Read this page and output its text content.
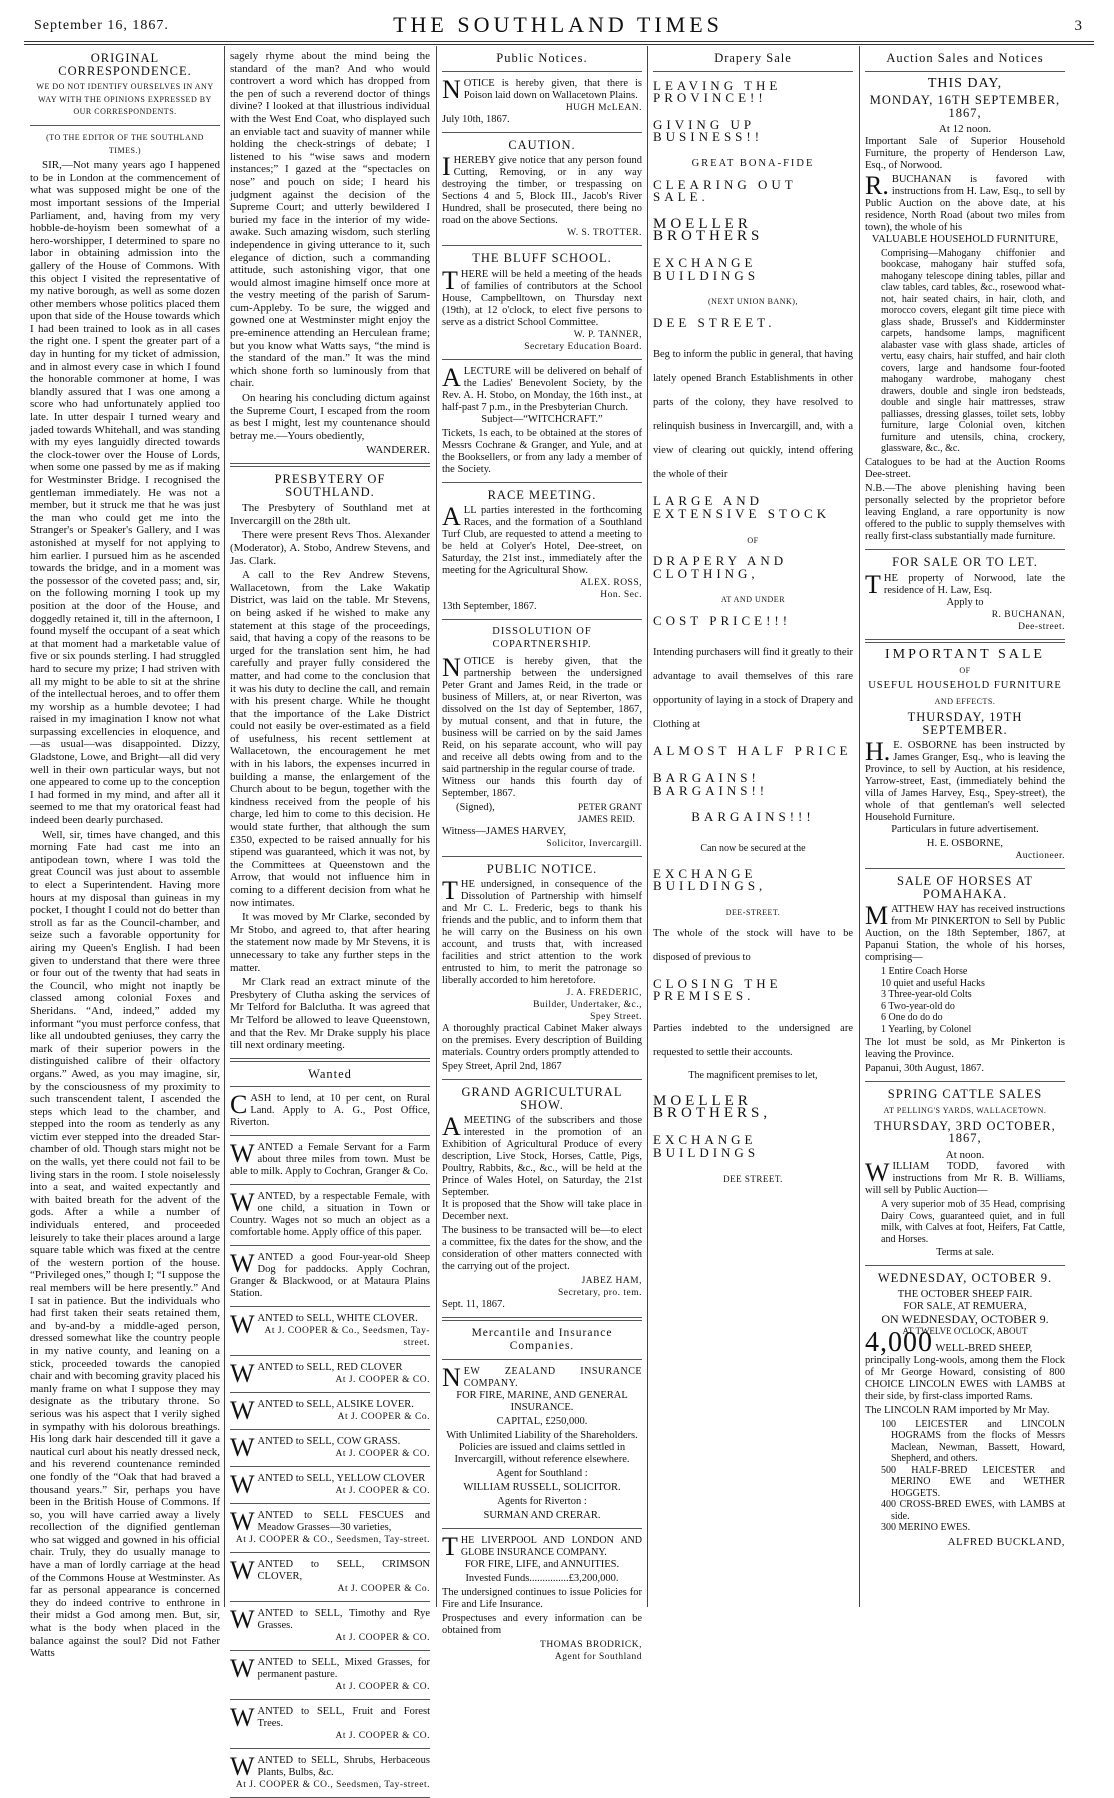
September 16, 1867.	THE SOUTHLAND TIMES	3
ORIGINAL CORRESPONDENCE.
WE DO NOT IDENTIFY OURSELVES IN ANY WAY WITH THE OPINIONS EXPRESSED BY OUR CORRESPONDENTS.
(TO THE EDITOR OF THE SOUTHLAND TIMES.)

SIR,—Not many years ago I happened to be in London at the commencement of what was supposed might be one of the most important sessions of the Imperial Parliament, and, having from my very hobble-de-hoyism been somewhat of a hero-worshipper, I determined to spare no labor in obtaining admission into the gallery of the House of Commons. With this object I visited the representative of my native borough, as well as some dozen other members whose politics placed them upon that side of the House towards which I had been trained to look as in all cases the right one. I spent the greater part of a day in hunting for my ticket of admission, and in almost every case in which I found the honorable commoner at home, I was blandly assured that I was one among a score who had unfortunately applied too late. In utter despair I turned weary and jaded towards Whitehall, and was standing with my eyes languidly directed towards the clock-tower over the House of Lords, when some one passed by me as if making for Westminster Bridge. I recognised the gentleman immediately. He was not a member, but it struck me that he was just the man who could get me into the Stranger's or Speaker's Gallery, and I was astonished at myself for not applying to him earlier. I pursued him as he ascended towards the bridge, and in a moment was the possessor of the coveted pass; and, sir, on the following morning I took up my position at the door of the House, and doggedly retained it, till in the afternoon, I found myself the occupant of a seat which at that moment had a marketable value of five or six pounds sterling. I had struggled hard to secure my prize; I had striven with all my might to be able to sit at the shrine of the intellectual heroes, and to offer them my worship as a humble devotee; I had raised in my imagination I know not what surpassing excellencies in eloquence, and—as usual—was disappointed. Dizzy, Gladstone, Lowe, and Bright—all did very well in their own particular ways, but not one appeared to come up to the conception I had formed in my mind, and after all it seemed to me that my oratorical feast had indeed been dearly purchased.

Well, sir, times have changed, and this morning Fate had cast me into an antipodean town, where I was told the great Council was just about to assemble to elect a Superintendent. Having more hours at my disposal than guineas in my pocket, I thought I could not do better than stroll as far as the Council-chamber, and seize such a favorable opportunity for airing my Queen's English. I had been given to understand that there were three or four out of the twenty that had seats in the Council, who might not inaptly be classed among colonial Foxes and Sheridans. “And, indeed,” added my informant “you must perforce confess, that like all undoubted geniuses, they carry the mark of their superior powers in the distinguished calibre of their olfactory organs.” Awed, as you may imagine, sir, by the consciousness of my proximity to such transcendent talent, I ascended the steps which lead to the chamber, and stepped into the room as tenderly as any victim ever stepped into the dreaded Star-chamber of old. Though stars might not be on the walls, yet there could not fail to be living stars in the room. I stole noiselessly into a seat, and waited expectantly and with baited breath for the advent of the gods. After a while a number of individuals entered, and proceeded leisurely to take their places around a large square table which was fixed at the centre of the western portion of the house. “Privileged ones,” though I; “I suppose the real members will be here presently.” And I sat in patience. But the individuals who had first taken their seats retained them, and by-and-by a middle-aged person, dressed somewhat like the country people in my native county, and leaning on a stick, proceeded towards the canopied chair and with becoming gravity placed his manly frame on what I suppose they may designate as the tributary throne. So serious was his aspect that I verily sighed in sympathy with his dolorous breathings. His long dark hair descended till it gave a nautical curl about his neatly dressed neck, and his reverend countenance reminded one fondly of the “Oak that had braved a thousand years.” Sir, perhaps you have been in the British House of Commons. If so, you will have carried away a lively recollection of the dignified gentleman who sat wigged and gowned in his official chair. Truly, they do usually manage to have a man of lordly carriage at the head of the Commons House at Westminster. As far as personal appearance is concerned they do indeed contrive to enthrone in their midst a God among men. But, sir, what is the body when placed in the balance against the soul? Did not Father Watts

sagely rhyme about the mind being the standard of the man? And who would controvert a word which has dropped from the pen of such a reverend doctor of things divine? I looked at that illustrious individual with the West End Coat, who displayed such an enviable tact and suavity of manner while holding the check-strings of debate; I listened to his “wise saws and modern instances;” I gazed at the “spectacles on nose” and pouch on side; I heard his judgment against the decision of the Supreme Court; and utterly bewildered I buried my face in the interior of my wide-awake. Such amazing wisdom, such sterling independence in giving utterance to it, such elegance of diction, such a commanding attitude, such astonishing vigor, that one would almost imagine himself once more at the vestry meeting of the parish of Sarum-cum-Appleby. To be sure, the wigged and gowned one at Westminster might enjoy the pre-eminence attending an Herculean frame; but you know what Watts says, “the mind is the standard of the man.” It was the mind which shone forth so luminously from that chair.

On hearing his concluding dictum against the Supreme Court, I escaped from the room as best I might, lest my countenance should betray me.—Yours obediently,

WANDERER.
PRESBYTERY OF SOUTHLAND.

The Presbytery of Southland met at Invercargill on the 28th ult.

There were present Revs Thos. Alexander (Moderator), A. Stobo, Andrew Stevens, and Jas. Clark.

A call to the Rev Andrew Stevens, Wallacetown, from the Lake Wakatip District, was laid on the table. Mr Stevens, on being asked if he wished to make any statement at this stage of the proceedings, said, that having a copy of the reasons to be urged for the translation sent him, he had carefully and prayer fully considered the matter, and had come to the conclusion that it was his duty to decline the call, and remain with his present charge. While he thought that the importance of the Lake District could not easily be over-estimated as a field of usefulness, his recent settlement at Wallacetown, the encouragement he met with in his labors, the expenses incurred in building a manse, the enlargement of the Church about to be begun, together with the kindness received from the people of his charge, led him to come to this decision. He would state further, that although the sum £350, expected to be raised annually for his stipend was guaranteed, which it was not, by the Committees at Queenstown and the Arrow, that would not influence him in coming to a different decision from what he now intimates.

It was moved by Mr Clarke, seconded by Mr Stobo, and agreed to, that after hearing the statement now made by Mr Stevens, it is unnecessary to take any further steps in the matter.

Mr Clark read an extract minute of the Presbytery of Clutha asking the services of Mr Telford for Balclutha. It was agreed that Mr Telford be allowed to leave Queenstown, and that the Rev. Mr Drake supply his place till next ordinary meeting.

Wanted
CASH to lend, at 10 per cent, on Rural Land. Apply to A. G., Post Office, Riverton.
WANTED a Female Servant for a Farm about three miles from town. Must be able to milk. Apply to Cochran, Granger & Co.
WANTED, by a respectable Female, with one child, a situation in Town or Country. Wages not so much an object as a comfortable home. Apply office of this paper.
WANTED a good Four-year-old Sheep Dog for paddocks. Apply Cochran, Granger & Blackwood, or at Mataura Plains Station.
WANTED to SELL, WHITE CLOVER.
At J. COOPER & Co., Seedsmen, Tay-street.
WANTED to SELL, RED CLOVER
At J. COOPER & CO.
WANTED to SELL, ALSIKE LOVER.
At J. COOPER & Co.
WANTED to SELL, COW GRASS.
At J. COOPER & CO.
WANTED to SELL, YELLOW CLOVER
At J. COOPER & CO.
WANTED to SELL FESCUES and Meadow Grasses—30 varieties,
At J. COOPER & CO., Seedsmen, Tay-street.
WANTED to SELL, CRIMSON CLOVER,
At J. COOPER & Co.
WANTED to SELL, Timothy and Rye Grasses.
At J. COOPER & CO.
WANTED to SELL, Mixed Grasses, for permanent pasture.
At J. COOPER & CO.
WANTED to SELL, Fruit and Forest Trees.
At J. COOPER & CO.
WANTED to SELL, Shrubs, Herbaceous Plants, Bulbs, &c.
At J. COOPER & CO., Seedsmen, Tay-street.
Public Notices.
NOTICE is hereby given, that there is Poison laid down on Wallacetown Plains.
HUGH McLEAN.
July 10th, 1867.
CAUTION.
IHEREBY give notice that any person found Cutting, Removing, or in any way destroying the timber, or trespassing on Sections 4 and 5, Block III., Jacob's River Hundred, shall be prosecuted, there being no road on the above Sections.
W. S. TROTTER.
THE BLUFF SCHOOL.
THERE will be held a meeting of the heads of families of contributors at the School House, Campbelltown, on Thursday next (19th), at 12 o'clock, to elect five persons to serve as a district School Committee.
W. P. TANNER,
Secretary Education Board.
ALECTURE will be delivered on behalf of the Ladies' Benevolent Society, by the Rev. A. H. Stobo, on Monday, the 16th inst., at half-past 7 p.m., in the Presbyterian Church.

Subject—“WITCHCRAFT.”

Tickets, 1s each, to be obtained at the stores of Messrs Cochrane & Granger, and Yule, and at the Booksellers, or from any lady a member of the Society.

RACE MEETING.
ALL parties interested in the forthcoming Races, and the formation of a Southland Turf Club, are requested to attend a meeting to be held at Colyer's Hotel, Dee-street, on Saturday, the 21st inst., immediately after the meeting for the Agricultural Show.
ALEX. ROSS,
Hon. Sec.
13th September, 1867.
DISSOLUTION OF COPARTNERSHIP.
NOTICE is hereby given, that the partnership between the undersigned Peter Grant and James Reid, in the trade or business of Millers, at, or near Riverton, was dissolved on the 1st day of September, 1867, by mutual consent, and that in future, the business will be carried on by the said James Reid, on his separate account, who will pay and receive all debts owing from and to the said partnership in the regular course of trade.

Witness our hands this fourth day of September, 1867.

(Signed),	PETER GRANT
JAMES REID.
Witness—JAMES HARVEY,
Solicitor, Invercargill.
PUBLIC NOTICE.
THE undersigned, in consequence of the Dissolution of Partnership with himself and Mr C. L. Frederic, begs to thank his friends and the public, and to inform them that he will carry on the Business on his own account, and trusts that, with increased facilities and strict attention to the work entrusted to him, to merit the patronage so liberally accorded to him heretofore.
J. A. FREDERIC,
Builder, Undertaker, &c.,
Spey Street.

A thoroughly practical Cabinet Maker always on the premises. Every description of Building materials. Country orders promptly attended to

Spey Street, April 2nd, 1867
GRAND AGRICULTURAL SHOW.
AMEETING of the subscribers and those interested in the promotion of an Exhibition of Agricultural Produce of every description, Live Stock, Horses, Cattle, Pigs, Poultry, Rabbits, &c., &c., will be held at the Prince of Wales Hotel, on Saturday, the 21st September.

It is proposed that the Show will take place in December next.

The business to be transacted will be—to elect a committee, fix the dates for the show, and the consideration of other matters connected with the carrying out of the project.

JABEZ HAM,
Secretary, pro. tem.
Sept. 11, 1867.
Mercantile and Insurance Companies.
NEW ZEALAND INSURANCE COMPANY.

FOR FIRE, MARINE, AND GENERAL INSURANCE.

CAPITAL, £250,000.

With Unlimited Liability of the Shareholders. Policies are issued and claims settled in Invercargill, without reference elsewhere.

Agent for Southland :

WILLIAM RUSSELL, SOLICITOR.

Agents for Riverton :

SURMAN AND CRERAR.

THE LIVERPOOL AND LONDON AND GLOBE INSURANCE COMPANY.

FOR FIRE, LIFE, and ANNUITIES.

Invested Funds...............£3,200,000.

The undersigned continues to issue Policies for Fire and Life Insurance.

Prospectuses and every information can be obtained from

THOMAS BRODRICK,
Agent for Southland
Drapery Sale
LEAVING THE PROVINCE!!
GIVING UP BUSINESS!!
GREAT BONA-FIDE
CLEARING OUT SALE.
MOELLER BROTHERS
EXCHANGE BUILDINGS
(NEXT UNION BANK),
DEE STREET.
Beg to inform the public in general, that having lately opened Branch Establishments in other parts of the colony, they have resolved to relinquish business in Invercargill, and, with a view of clearing out quickly, intend offering the whole of their
LARGE AND EXTENSIVE STOCK
OF
DRAPERY AND CLOTHING,
AT AND UNDER
COST PRICE!!!
Intending purchasers will find it greatly to their advantage to avail themselves of this rare opportunity of laying in a stock of Drapery and Clothing at
ALMOST HALF PRICE
BARGAINS! BARGAINS!!
BARGAINS!!!
Can now be secured at the
EXCHANGE BUILDINGS,
DEE-STREET.
The whole of the stock will have to be disposed of previous to
CLOSING THE PREMISES.
Parties indebted to the undersigned are requested to settle their accounts.
The magnificent premises to let,
MOELLER BROTHERS,
EXCHANGE BUILDINGS
DEE STREET.
Auction Sales and Notices
THIS DAY,
MONDAY, 16TH SEPTEMBER, 1867,
At 12 noon.

Important Sale of Superior Household Furniture, the property of Henderson Law, Esq., of Norwood.

R. BUCHANAN is favored with instructions from H. Law, Esq., to sell by Public Auction on the above date, at his residence, North Road (about two miles from town), the whole of his
VALUABLE HOUSEHOLD FURNITURE,
Comprising—Mahogany chiffonier and bookcase, mahogany hair stuffed sofa, mahogany telescope dining tables, pillar and claw tables, card tables, &c., rosewood what-not, hair seated chairs, in hair, cloth, and morocco covers, elegant gilt time piece with glass shade, Brussel's and Kidderminster carpets, handsome lamps, magnificent alabaster vase with glass shade, articles of vertu, easy chairs, hair stuffed, and hair cloth covers, large and handsome four-footed mahogany wardrobe, mahogany chest drawers, double and single iron bedsteads, double and single hair mattresses, straw palliasses, dressing glasses, toilet sets, lobby furniture, large Colonial oven, kitchen furniture and utensils, china, crockery, glassware, &c., &c.

Catalogues to be had at the Auction Rooms Dee-street.

N.B.—The above plenishing having been personally selected by the proprietor before leaving England, a rare opportunity is now offered to the public to supply themselves with really first-class substantially made furniture.

FOR SALE OR TO LET.
THE property of Norwood, late the residence of H. Law, Esq.
Apply to
R. BUCHANAN,
Dee-street.
IMPORTANT SALE
OF
USEFUL HOUSEHOLD FURNITURE
AND EFFECTS.
THURSDAY, 19TH SEPTEMBER.
H. E. OSBORNE has been instructed by James Granger, Esq., who is leaving the Province, to sell by Auction, at his residence, Yarrow-street, East, (immediately behind the villa of James Harvey, Esq., Spey-street), the whole of that gentleman's well selected Household Furniture.

Particulars in future advertisement.

H. E. OSBORNE,
Auctioneer.
SALE OF HORSES AT POMAHAKA.
MATTHEW HAY has received instructions from Mr PINKERTON to Sell by Public Auction, on the 18th September, 1867, at Papanui Station, the whole of his horses, comprising—
1 Entire Coach Horse
10 quiet and useful Hacks
3 Three-year-old Colts
6 Two-year-old do
6 One do do do
1 Yearling, by Colonel

The lot must be sold, as Mr Pinkerton is leaving the Province.

Papanui, 30th August, 1867.

SPRING CATTLE SALES
AT PELLING'S YARDS, WALLACETOWN.
THURSDAY, 3RD OCTOBER, 1867,
At noon.
WILLIAM TODD, favored with instructions from Mr R. B. Williams, will sell by Public Auction—
A very superior mob of 35 Head, comprising Dairy Cows, guaranteed quiet, and in full milk, with Calves at foot, Heifers, Fat Cattle, and Horses.

Terms at sale.

WEDNESDAY, OCTOBER 9.
THE OCTOBER SHEEP FAIR.
FOR SALE, AT REMUERA,
ON WEDNESDAY, OCTOBER 9.
AT TWELVE O'CLOCK, ABOUT
4,000 WELL-BRED SHEEP,

principally Long-wools, among them the Flock of Mr George Howard, consisting of 800 CHOICE LINCOLN EWES with LAMBS at their side, by first-class imported Rams.

The LINCOLN RAM imported by Mr May.

100 LEICESTER and LINCOLN HOGRAMS from the flocks of Messrs Maclean, Newman, Bassett, Howard, Shepherd, and others.
500 HALF-BRED LEICESTER and MERINO EWE and WETHER HOGGETS.
400 CROSS-BRED EWES, with LAMBS at side.
300 MERINO EWES.
ALFRED BUCKLAND,
